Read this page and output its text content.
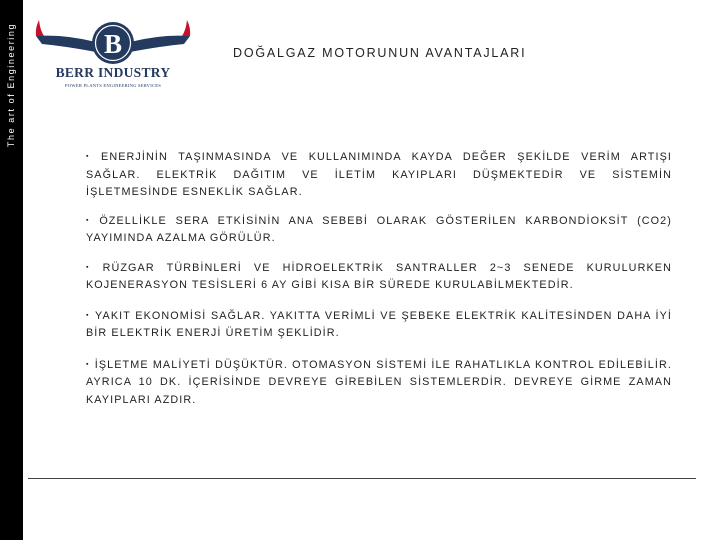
The art of Engineering	B
BERR INDUSTRY
POWER PLANTS ENGINEERING SERVICES
DOĞALGAZ MOTORUNUN AVANTAJLARI

▪ ENERJİNİN TAŞINMASINDA VE KULLANIMINDA KAYDA DEĞER ŞEKİLDE VERİM ARTIŞI SAĞLAR. ELEKTRİK DAĞITIM VE İLETİM KAYIPLARI DÜŞMEKTEDİR VE SİSTEMİN İŞLETMESİNDE ESNEKLİK SAĞLAR.

▪ ÖZELLİKLE SERA ETKİSİNİN ANA SEBEBİ OLARAK GÖSTERİLEN KARBONDİOKSİT (CO2) YAYIMINDA AZALMA GÖRÜLÜR.

▪ RÜZGAR TÜRBİNLERİ VE HİDROELEKTRİK SANTRALLER 2~3 SENEDE KURULURKEN KOJENERASYON TESİSLERİ 6 AY GİBİ KISA BİR SÜREDE KURULABİLMEKTEDİR.

▪ YAKIT EKONOMİSİ SAĞLAR. YAKITTA VERİMLİ VE ŞEBEKE ELEKTRİK KALİTESİNDEN DAHA İYİ BİR ELEKTRİK ENERJİ ÜRETİM ŞEKLİDİR.

▪ İŞLETME MALİYETİ DÜŞÜKTÜR. OTOMASYON SİSTEMİ İLE RAHATLIKLA KONTROL EDİLEBİLİR. AYRICA 10 DK. İÇERİSİNDE DEVREYE GİREBİLEN SİSTEMLERDİR. DEVREYE GİRME ZAMAN KAYIPLARI AZDIR.
